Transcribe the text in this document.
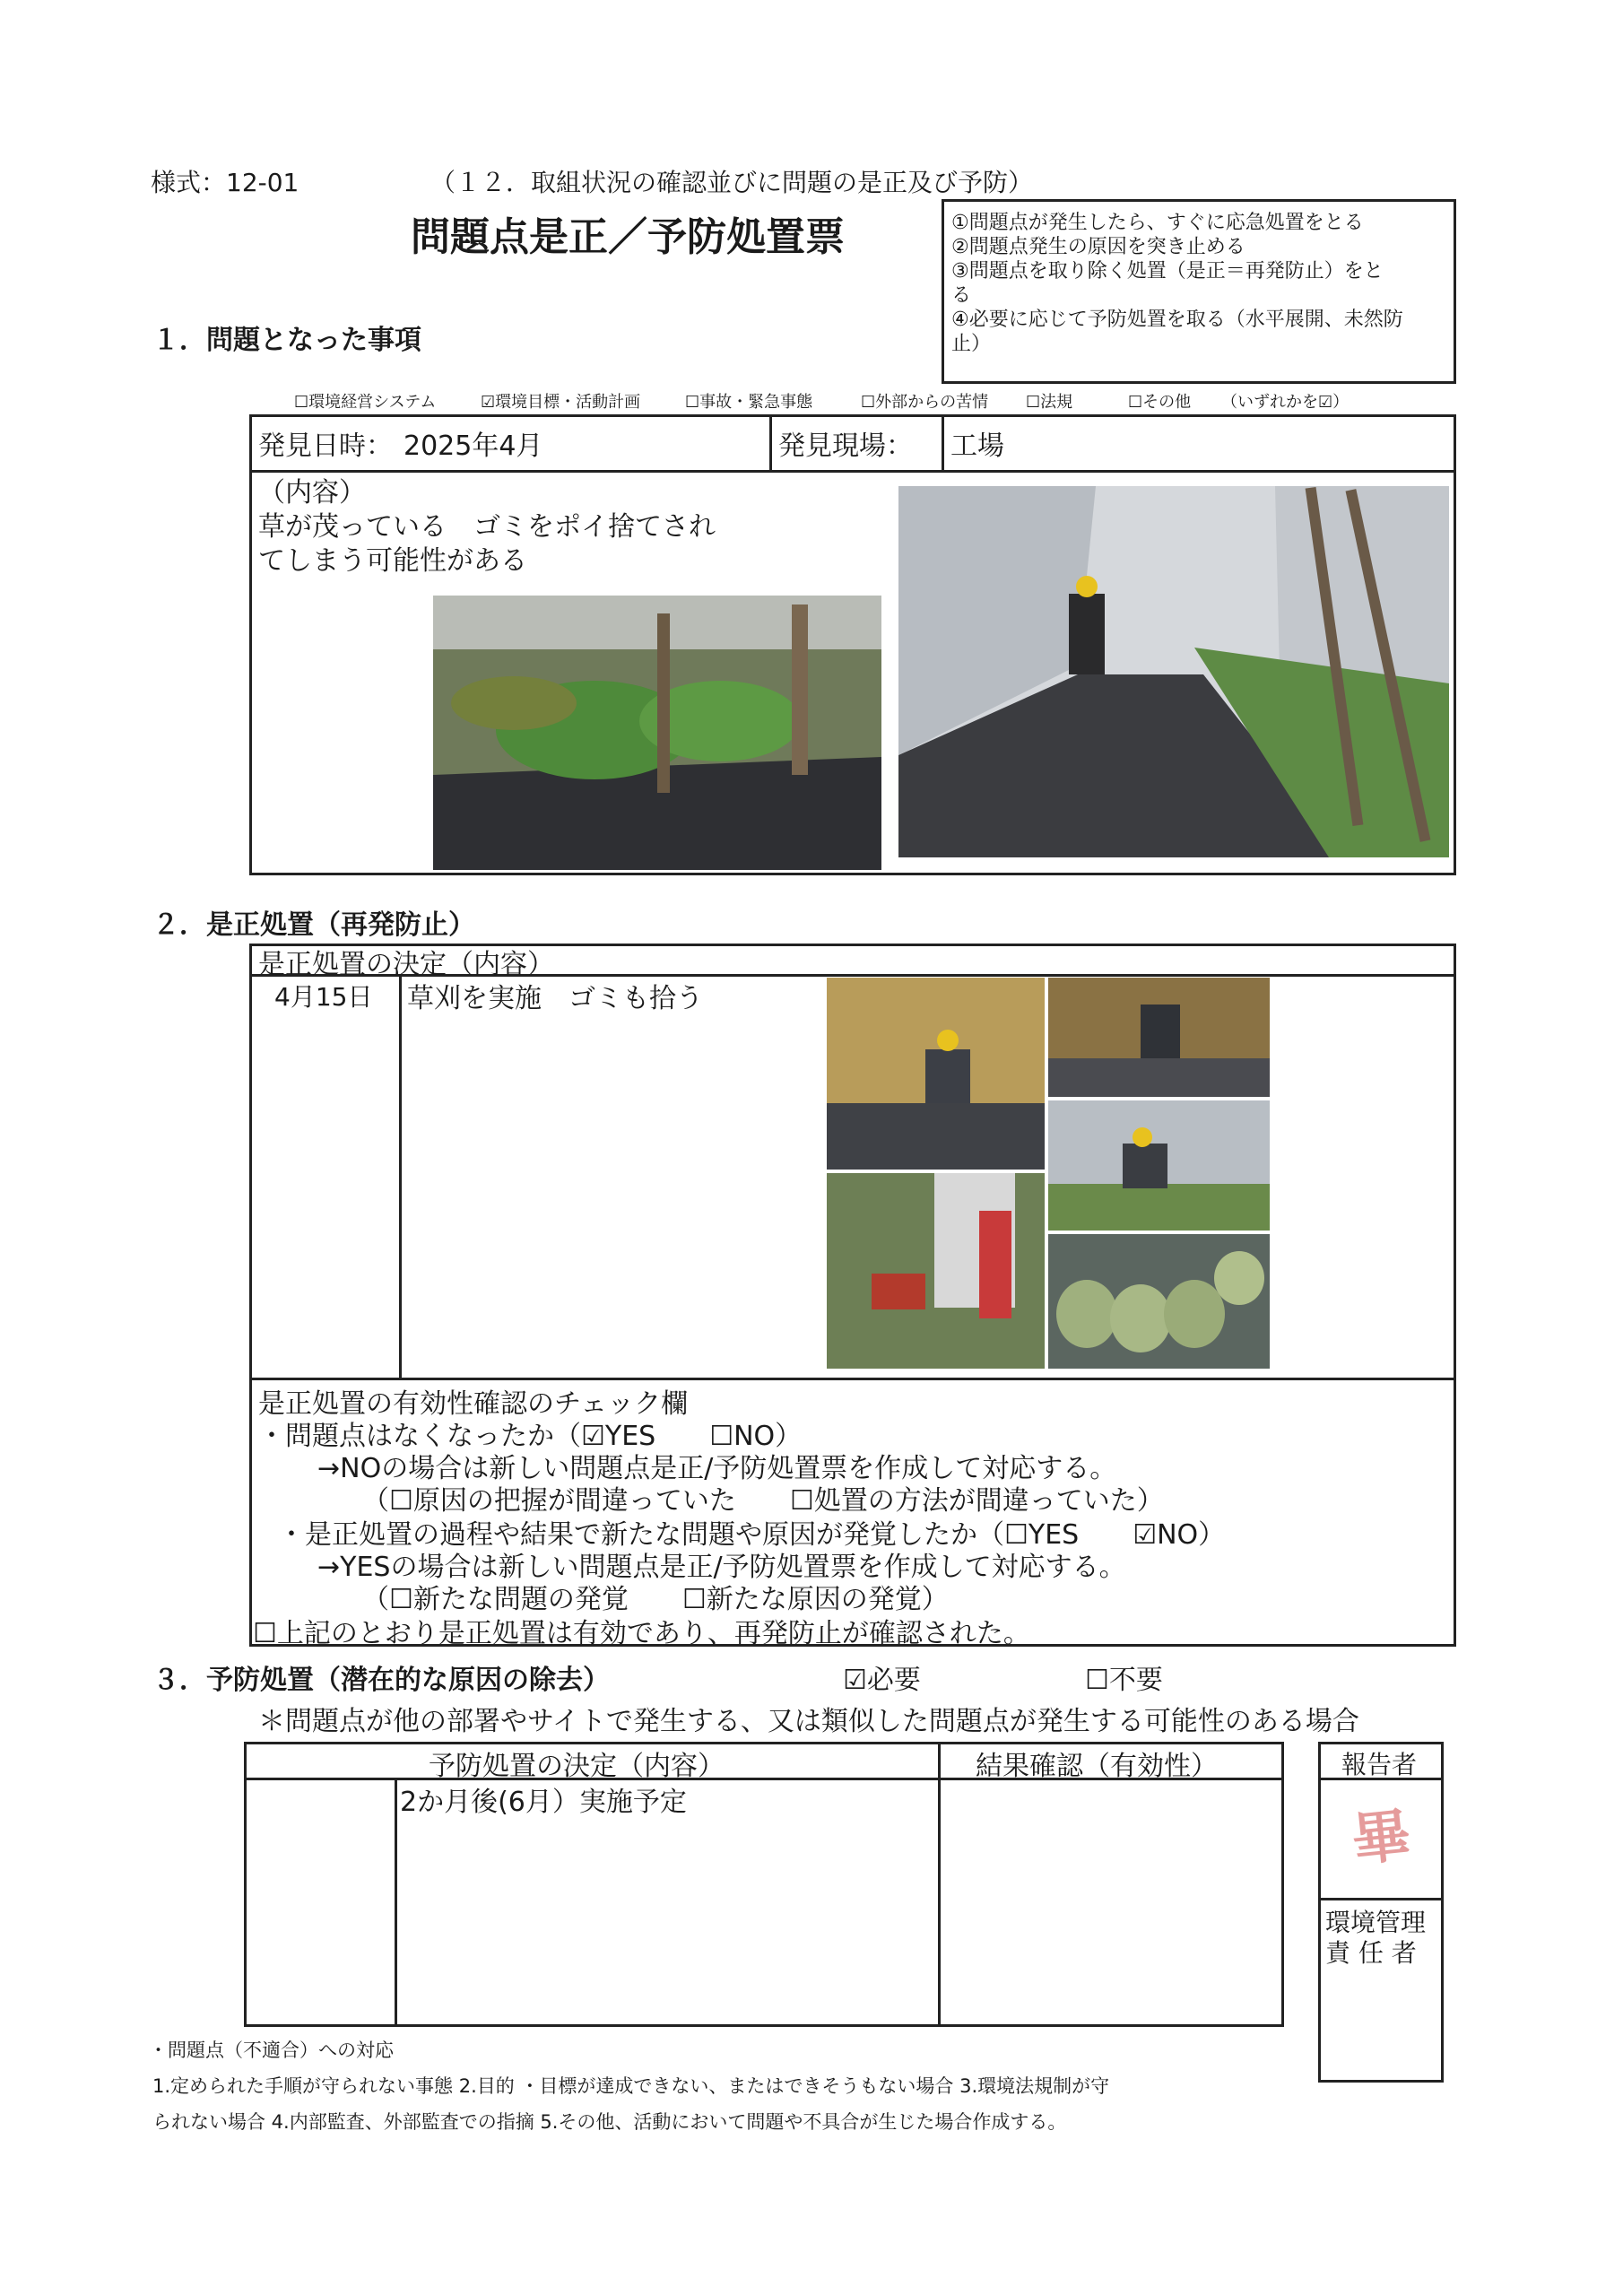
様式：12-01	（１２．取組状況の確認並びに問題の是正及び予防）
問題点是正／予防処置票	①問題点が発生したら、すぐに応急処置をとる
②問題点発生の原因を突き止める
③問題点を取り除く処置（是正＝再発防止）をと
る
④必要に応じて予防処置を取る（水平展開、未然防
止）
１．問題となった事項
☐環境経営システム	☑環境目標・活動計画	☐事故・緊急事態	☐外部からの苦情 ☐法規	☐その他 （いずれかを☑）
発見日時： 2025年4月	発見現場： 工場
（内容）
草が茂っている　ゴミをポイ捨てされ
てしまう可能性がある
２．是正処置（再発防止）
是正処置の決定（内容）
4月15日 草刈を実施　ゴミも拾う
是正処置の有効性確認のチェック欄
・問題点はなくなったか（☑YES　　☐NO）
→NOの場合は新しい問題点是正/予防処置票を作成して対応する。
（☐原因の把握が間違っていた　　☐処置の方法が間違っていた）
・是正処置の過程や結果で新たな問題や原因が発覚したか（☐YES　　☑NO）
→YESの場合は新しい問題点是正/予防処置票を作成して対応する。
（☐新たな問題の発覚　　☐新たな原因の発覚）
☐上記のとおり是正処置は有効であり、再発防止が確認された。
３．予防処置（潜在的な原因の除去）	☑必要	☐不要
＊問題点が他の部署やサイトで発生する、又は類似した問題点が発生する可能性のある場合
予防処置の決定（内容）	結果確認（有効性）
2か月後(6月）実施予定
報告者
畢
環境管理
責 任 者
・問題点（不適合）への対応
1.定められた手順が守られない事態 2.目的 ・目標が達成できない、またはできそうもない場合 3.環境法規制が守
られない場合 4.内部監査、外部監査での指摘 5.その他、活動において問題や不具合が生じた場合作成する。
